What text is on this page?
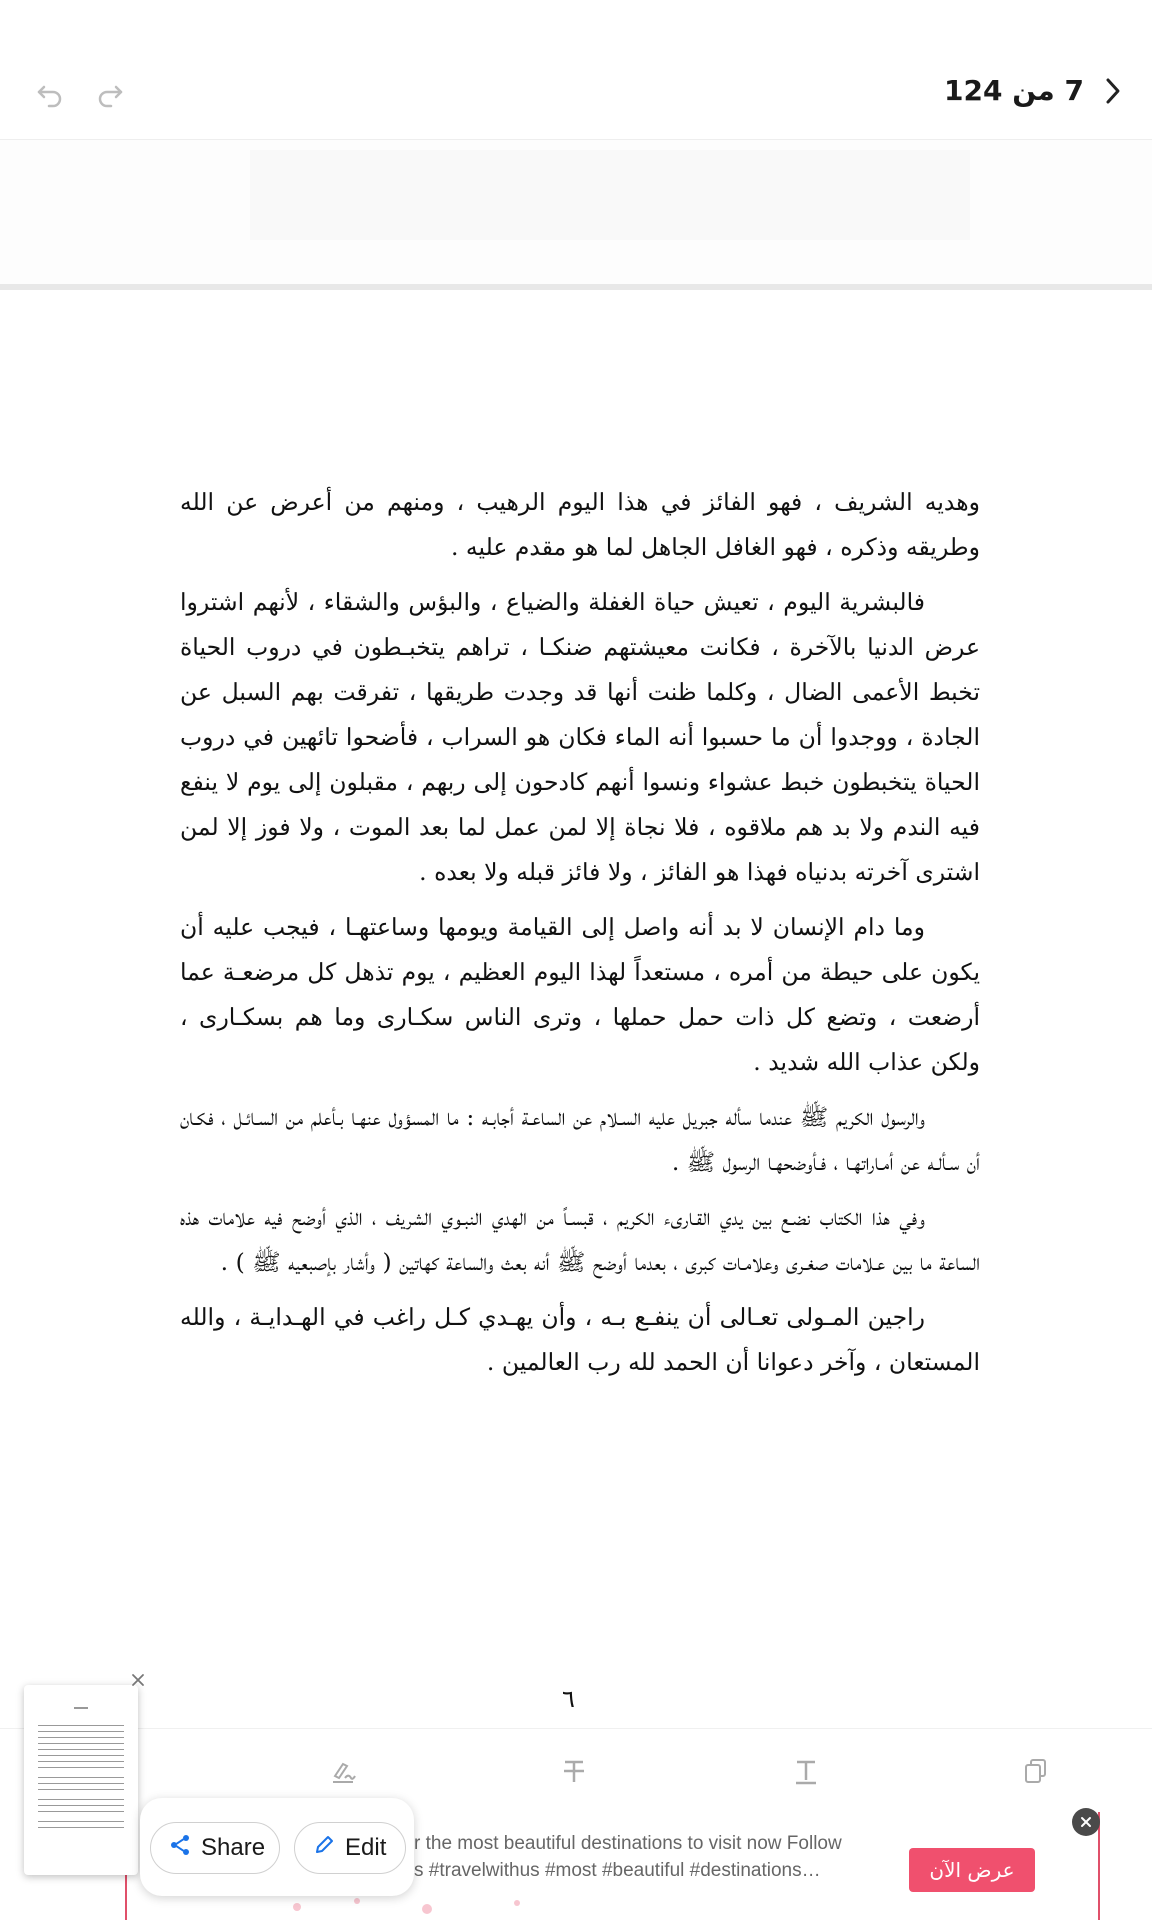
7 من 124

وهديه الشريف ، فهو الفائز في هذا اليوم الرهيب ، ومنهم من أعرض عن الله وطريقه وذكره ، فهو الغافل الجاهل لما هو مقدم عليه .

فالبشرية اليوم ، تعيش حياة الغفلة والضياع ، والبؤس والشقاء ، لأنهم اشتروا عرض الدنيا بالآخرة ، فكانت معيشتهم ضنكـا ، تراهم يتخبـطون في دروب الحياة تخبط الأعمى الضال ، وكلما ظنت أنها قد وجدت طريقها ، تفرقت بهم السبل عن الجادة ، ووجدوا أن ما حسبوا أنه الماء فكان هو السراب ، فأضحوا تائهين في دروب الحياة يتخبطون خبط عشواء ونسوا أنهم كادحون إلى ربهم ، مقبلون إلى يوم لا ينفع فيه الندم ولا بد هم ملاقوه ، فلا نجاة إلا لمن عمل لما بعد الموت ، ولا فوز إلا لمن اشترى آخرته بدنياه فهذا هو الفائز ، ولا فائز قبله ولا بعده .

وما دام الإنسان لا بد أنه واصل إلى القيامة ويومها وساعتهـا ، فيجب عليه أن يكون على حيطة من أمره ، مستعداً لهذا اليوم العظيم ، يوم تذهل كل مرضعـة عما أرضعت ، وتضع كل ذات حمل حملها ، وترى الناس سكـارى وما هم بسكـارى ، ولكن عذاب الله شديد .

والرسول الكريم ﷺ عندما سأله جبريل عليه السـلام عن الساعـة أجابـه : ما المسؤول عنهـا بـأعلم من السـائـل ، فكـان أن سـألـه عن أمـاراتهـا ، فـأوضحهـا الرسول ﷺ .

وفي هذا الكتاب نضـع بين يدي القـارىء الكريم ، قبسـاً من الهدي النبـوي الشريف ، الذي أوضح فيه علامات هذه الساعة ما بين عـلامات صغـرى وعلامـات كبرى ، بعدما أوضح ﷺ أنه بعث والساعة كهاتين ( وأشار بإصبعيه ﷺ ) .

راجين المـولى تعـالى أن ينفـع بـه ، وأن يهـدي كـل راغب في الهـدايـة ، والله المستعان ، وآخر دعوانا أن الحمد لله رب العالمين .

٦
r the most beautiful destinations to visit now Follow
s #travelwithus #most #beautiful #destinations…	عرض الآن
Share	Edit
